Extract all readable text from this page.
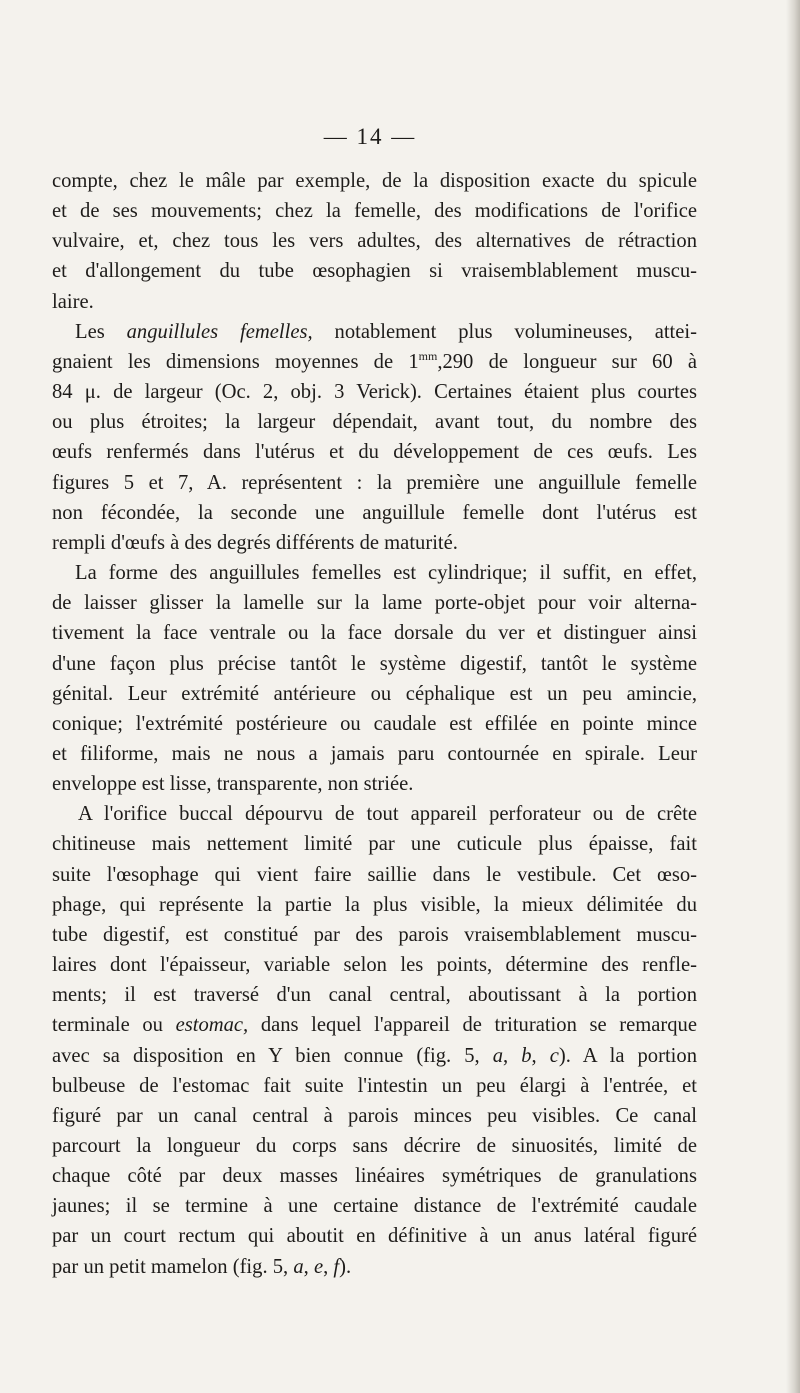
— 14 —
compte, chez le mâle par exemple, de la disposition exacte du spicule
et de ses mouvements; chez la femelle, des modifications de l'orifice
vulvaire, et, chez tous les vers adultes, des alternatives de rétraction
et d'allongement du tube œsophagien si vraisemblablement muscu-
laire.
Les anguillules femelles, notablement plus volumineuses, attei-
gnaient les dimensions moyennes de $1^{mm},290$ de longueur sur 60 à
84 μ. de largeur (Oc. 2, obj. 3 Verick). Certaines étaient plus courtes
ou plus étroites; la largeur dépendait, avant tout, du nombre des
œufs renfermés dans l'utérus et du développement de ces œufs. Les
figures 5 et 7, A. représentent : la première une anguillule femelle
non fécondée, la seconde une anguillule femelle dont l'utérus est
rempli d'œufs à des degrés différents de maturité.
La forme des anguillules femelles est cylindrique; il suffit, en effet,
de laisser glisser la lamelle sur la lame porte-objet pour voir alterna-
tivement la face ventrale ou la face dorsale du ver et distinguer ainsi
d'une façon plus précise tantôt le système digestif, tantôt le système
génital. Leur extrémité antérieure ou céphalique est un peu amincie,
conique; l'extrémité postérieure ou caudale est effilée en pointe mince
et filiforme, mais ne nous a jamais paru contournée en spirale. Leur
enveloppe est lisse, transparente, non striée.
A l'orifice buccal dépourvu de tout appareil perforateur ou de crête
chitineuse mais nettement limité par une cuticule plus épaisse, fait
suite l'œsophage qui vient faire saillie dans le vestibule. Cet œso-
phage, qui représente la partie la plus visible, la mieux délimitée du
tube digestif, est constitué par des parois vraisemblablement muscu-
laires dont l'épaisseur, variable selon les points, détermine des renfle-
ments; il est traversé d'un canal central, aboutissant à la portion
terminale ou estomac, dans lequel l'appareil de trituration se remarque
avec sa disposition en Y bien connue (fig. 5, a, b, c). A la portion
bulbeuse de l'estomac fait suite l'intestin un peu élargi à l'entrée, et
figuré par un canal central à parois minces peu visibles. Ce canal
parcourt la longueur du corps sans décrire de sinuosités, limité de
chaque côté par deux masses linéaires symétriques de granulations
jaunes; il se termine à une certaine distance de l'extrémité caudale
par un court rectum qui aboutit en définitive à un anus latéral figuré
par un petit mamelon (fig. 5, a, e, f).
